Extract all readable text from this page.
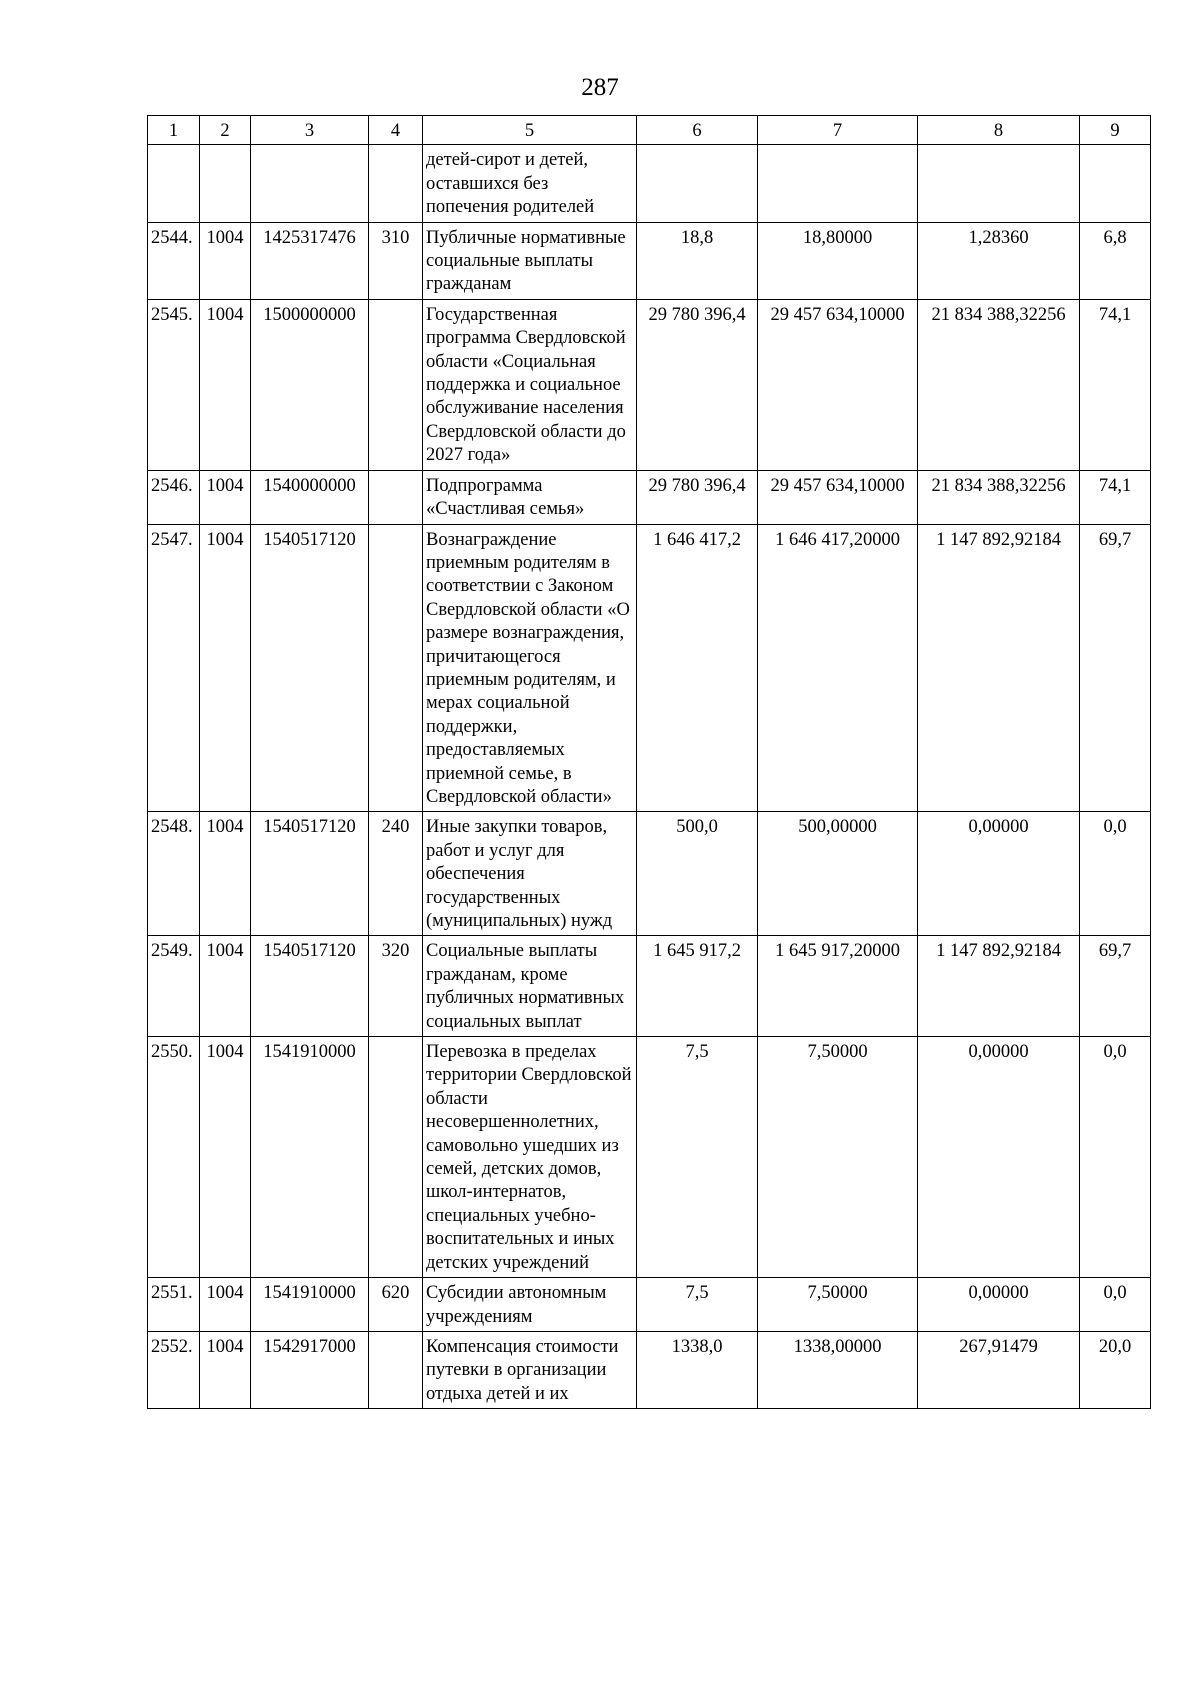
287
1	2	3	4	5	6	7	8	9
				детей-сирот и детей, оставшихся без попечения родителей				
2544.	1004	1425317476	310	Публичные нормативные социальные выплаты гражданам	18,8	18,80000	1,28360	6,8
2545.	1004	1500000000		Государственная программа Свердловской области «Социальная поддержка и социальное обслуживание населения Свердловской области до 2027 года»	29 780 396,4	29 457 634,10000	21 834 388,32256	74,1
2546.	1004	1540000000		Подпрограмма «Счастливая семья»	29 780 396,4	29 457 634,10000	21 834 388,32256	74,1
2547.	1004	1540517120		Вознаграждение приемным родителям в соответствии с Законом Свердловской области «О размере вознаграждения, причитающегося приемным родителям, и мерах социальной поддержки, предоставляемых приемной семье, в Свердловской области»	1 646 417,2	1 646 417,20000	1 147 892,92184	69,7
2548.	1004	1540517120	240	Иные закупки товаров, работ и услуг для обеспечения государственных (муниципальных) нужд	500,0	500,00000	0,00000	0,0
2549.	1004	1540517120	320	Социальные выплаты гражданам, кроме публичных нормативных социальных выплат	1 645 917,2	1 645 917,20000	1 147 892,92184	69,7
2550.	1004	1541910000		Перевозка в пределах территории Свердловской области несовершеннолетних, самовольно ушедших из семей, детских домов, школ-интернатов, специальных учебно-воспитательных и иных детских учреждений	7,5	7,50000	0,00000	0,0
2551.	1004	1541910000	620	Субсидии автономным учреждениям	7,5	7,50000	0,00000	0,0
2552.	1004	1542917000		Компенсация стоимости путевки в организации отдыха детей и их	1338,0	1338,00000	267,91479	20,0
